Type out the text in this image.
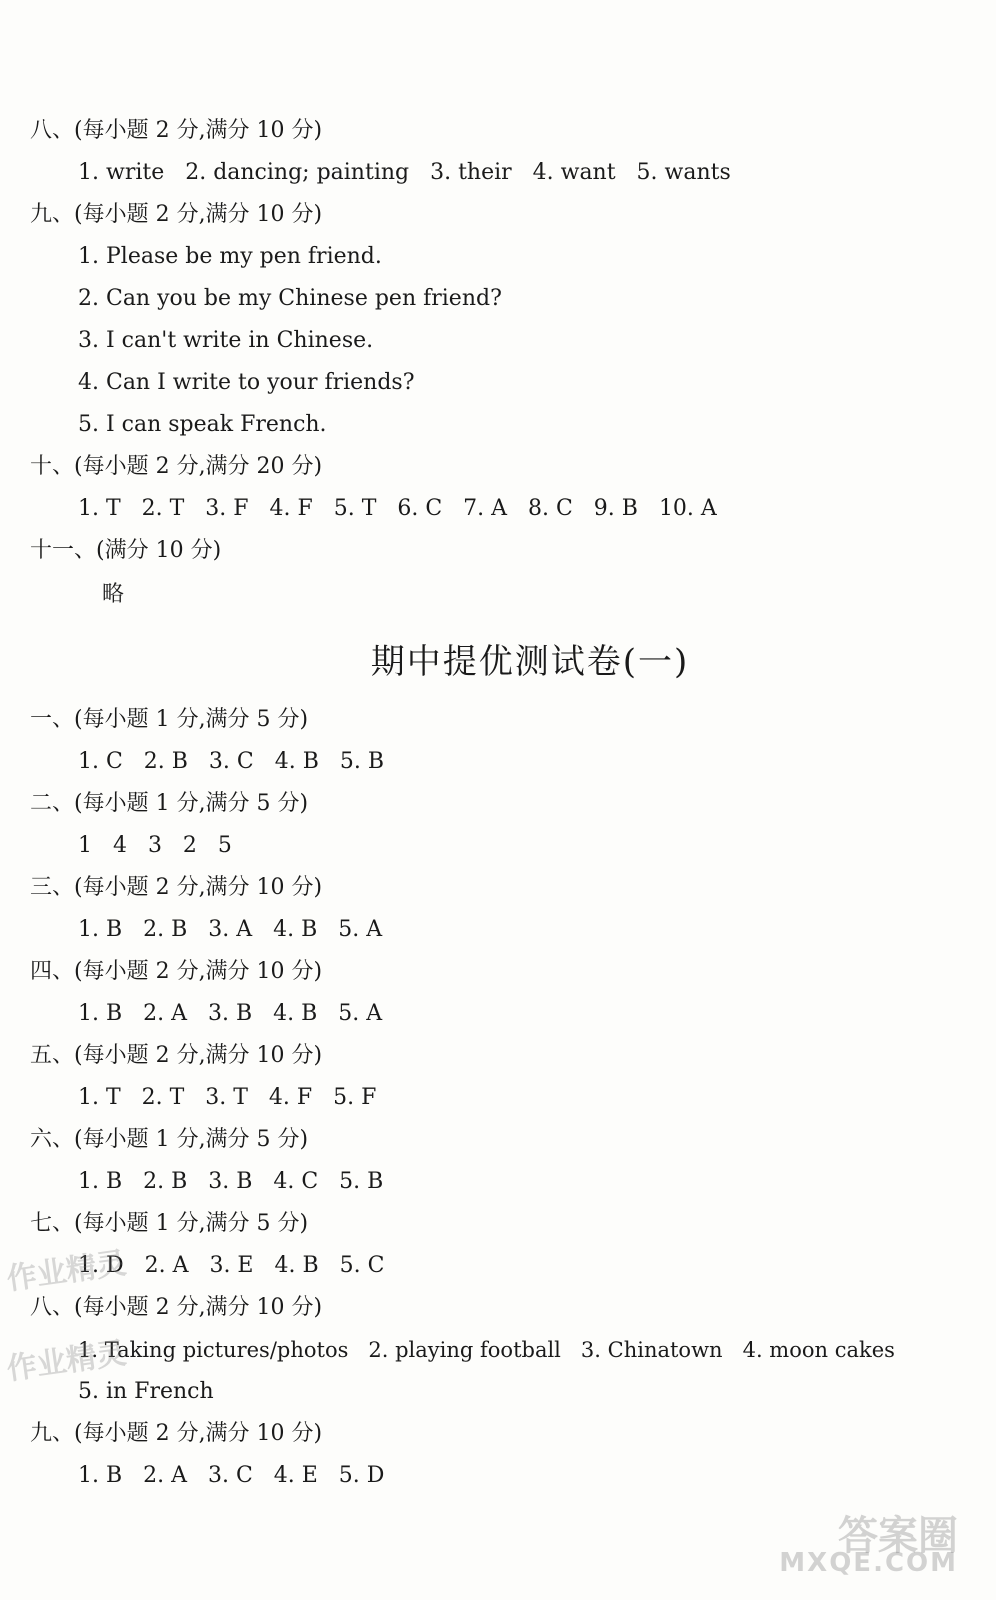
八、(每小题 2 分,满分 10 分)
1. write   2. dancing; painting   3. their   4. want   5. wants
九、(每小题 2 分,满分 10 分)
1. Please be my pen friend.
2. Can you be my Chinese pen friend?
3. I can't write in Chinese.
4. Can I write to your friends?
5. I can speak French.
十、(每小题 2 分,满分 20 分)
1. T   2. T   3. F   4. F   5. T   6. C   7. A   8. C   9. B   10. A
十一、(满分 10 分)
略
期中提优测试卷(一)
一、(每小题 1 分,满分 5 分)
1. C   2. B   3. C   4. B   5. B
二、(每小题 1 分,满分 5 分)
1   4   3   2   5
三、(每小题 2 分,满分 10 分)
1. B   2. B   3. A   4. B   5. A
四、(每小题 2 分,满分 10 分)
1. B   2. A   3. B   4. B   5. A
五、(每小题 2 分,满分 10 分)
1. T   2. T   3. T   4. F   5. F
六、(每小题 1 分,满分 5 分)
1. B   2. B   3. B   4. C   5. B
七、(每小题 1 分,满分 5 分)
1. D   2. A   3. E   4. B   5. C
八、(每小题 2 分,满分 10 分)
1. Taking pictures/photos   2. playing football   3. Chinatown   4. moon cakes
5. in French
九、(每小题 2 分,满分 10 分)
1. B   2. A   3. C   4. E   5. D
作业精灵
作业精灵
答案圈
MXQE.COM
